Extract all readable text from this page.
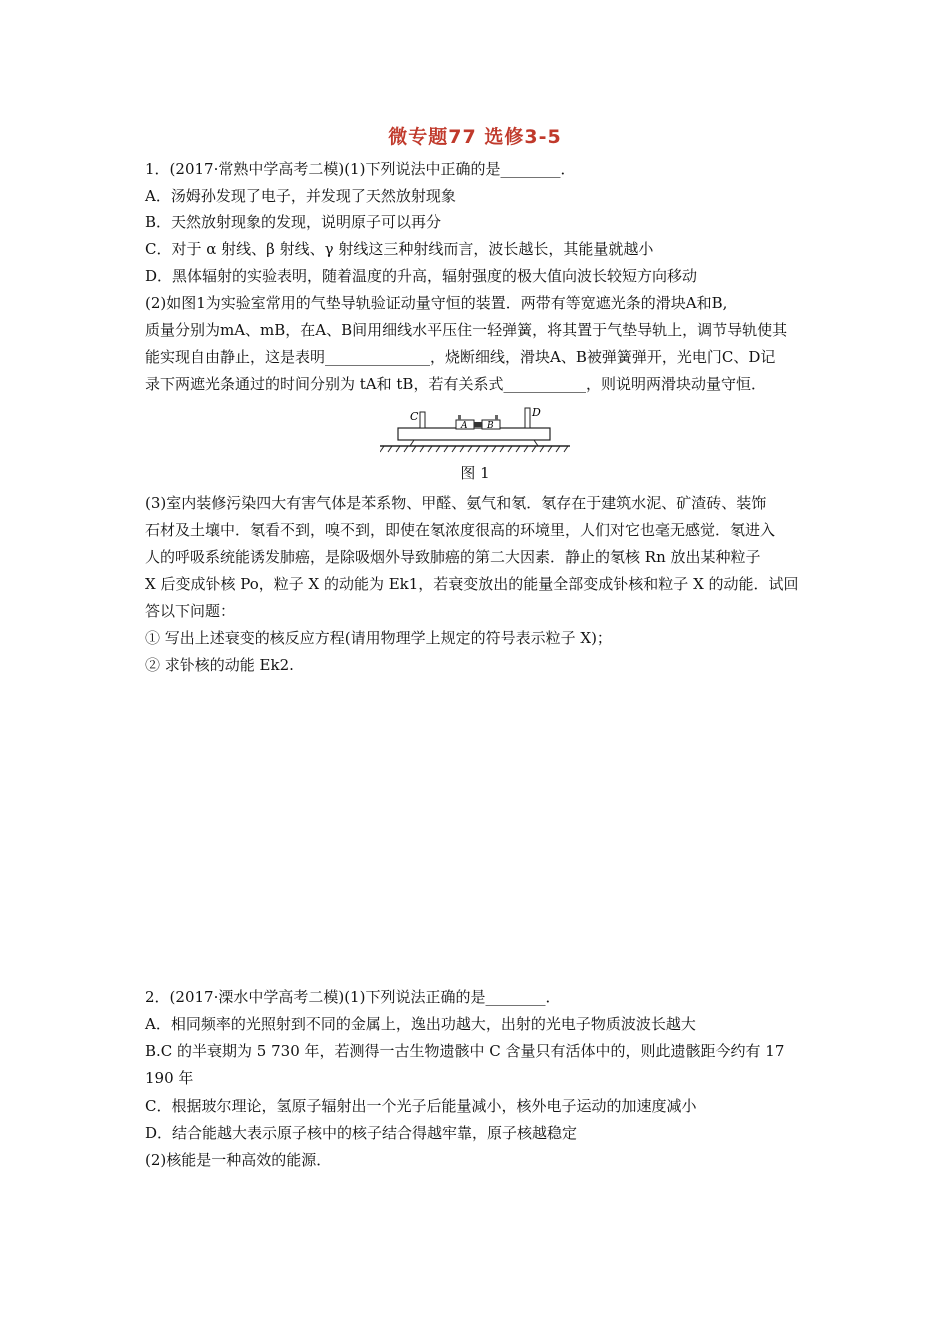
微专题77 选修3-5
1．(2017·常熟中学高考二模)(1)下列说法中正确的是________．
A．汤姆孙发现了电子，并发现了天然放射现象
B．天然放射现象的发现，说明原子可以再分
C．对于 α 射线、β 射线、γ 射线这三种射线而言，波长越长，其能量就越小
D．黑体辐射的实验表明，随着温度的升高，辐射强度的极大值向波长较短方向移动
(2)如图1为实验室常用的气垫导轨验证动量守恒的装置．两带有等宽遮光条的滑块A和B,
质量分别为mA、mB，在A、B间用细线水平压住一轻弹簧，将其置于气垫导轨上，调节导轨使其
能实现自由静止，这是表明______________，烧断细线，滑块A、B被弹簧弹开，光电门C、D记
录下两遮光条通过的时间分别为 tA和 tB，若有关系式___________，则说明两滑块动量守恒．
C	D
A B
图 1
(3)室内装修污染四大有害气体是苯系物、甲醛、氨气和氡．氡存在于建筑水泥、矿渣砖、装饰
石材及土壤中．氡看不到，嗅不到，即使在氡浓度很高的环境里，人们对它也毫无感觉．氡进入
人的呼吸系统能诱发肺癌，是除吸烟外导致肺癌的第二大因素．静止的氡核 Rn 放出某种粒子
X 后变成钋核 Po，粒子 X 的动能为 Ek1，若衰变放出的能量全部变成钋核和粒子 X 的动能．试回
答以下问题：
① 写出上述衰变的核反应方程(请用物理学上规定的符号表示粒子 X)；
② 求钋核的动能 Ek2.
2．(2017·溧水中学高考二模)(1)下列说法正确的是________．
A．相同频率的光照射到不同的金属上，逸出功越大，出射的光电子物质波波长越大
B.C 的半衰期为 5 730 年，若测得一古生物遗骸中 C 含量只有活体中的，则此遗骸距今约有 17
190 年
C．根据玻尔理论，氢原子辐射出一个光子后能量减小，核外电子运动的加速度减小
D．结合能越大表示原子核中的核子结合得越牢靠，原子核越稳定
(2)核能是一种高效的能源．
